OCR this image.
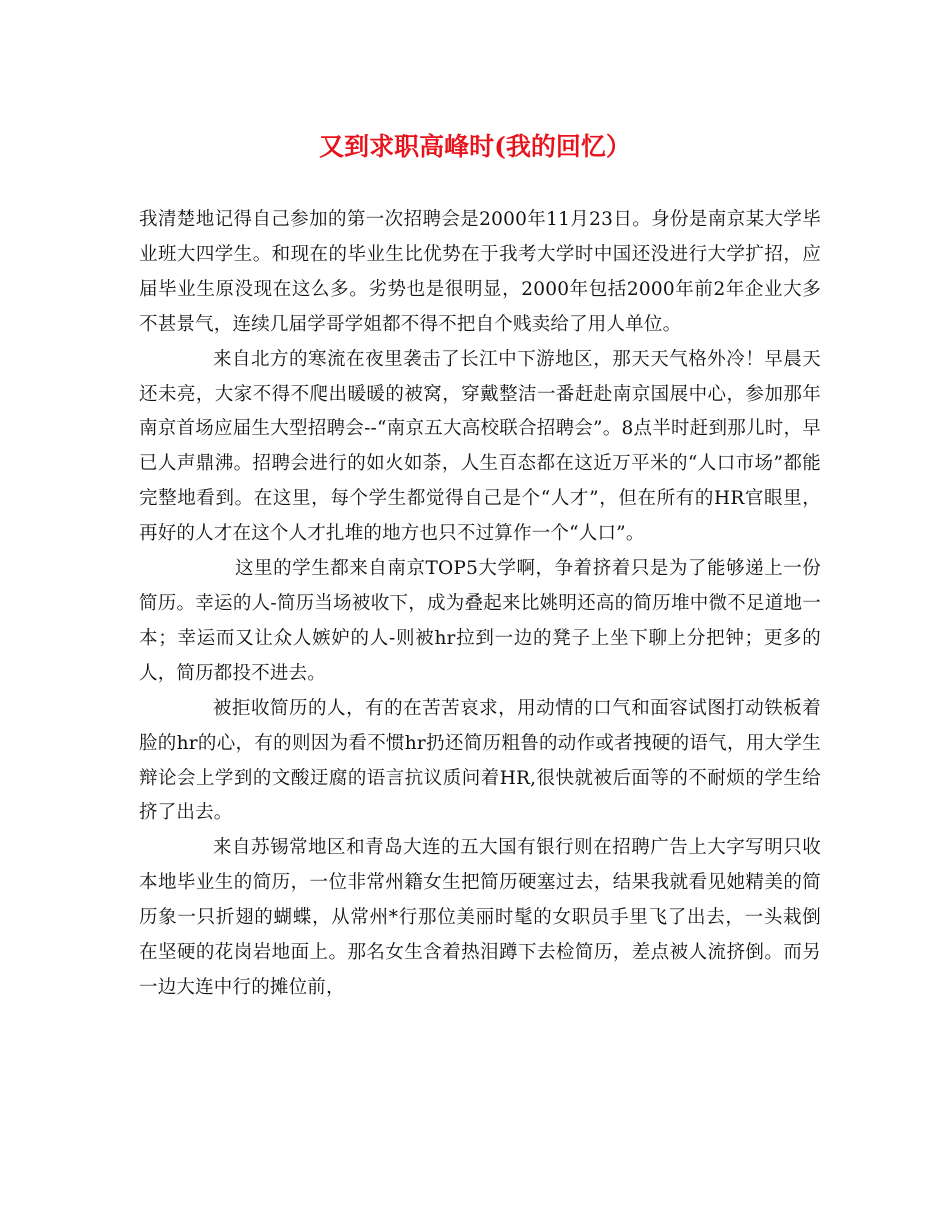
又到求职高峰时(我的回忆）

我清楚地记得自己参加的第一次招聘会是2000年11月23日。身份是南京某大学毕业班大四学生。和现在的毕业生比优势在于我考大学时中国还没进行大学扩招，应届毕业生原没现在这么多。劣势也是很明显，2000年包括2000年前2年企业大多不甚景气，连续几届学哥学姐都不得不把自个贱卖给了用人单位。

来自北方的寒流在夜里袭击了长江中下游地区，那天天气格外冷！早晨天还未亮，大家不得不爬出暖暖的被窝，穿戴整洁一番赶赴南京国展中心，参加那年南京首场应届生大型招聘会--“南京五大高校联合招聘会”。8点半时赶到那儿时，早已人声鼎沸。招聘会进行的如火如荼，人生百态都在这近万平米的“人口市场”都能完整地看到。在这里，每个学生都觉得自己是个“人才”，但在所有的HR官眼里，再好的人才在这个人才扎堆的地方也只不过算作一个“人口”。

这里的学生都来自南京TOP5大学啊，争着挤着只是为了能够递上一份简历。幸运的人-简历当场被收下，成为叠起来比姚明还高的简历堆中微不足道地一本；幸运而又让众人嫉妒的人-则被hr拉到一边的凳子上坐下聊上分把钟；更多的人，简历都投不进去。

被拒收简历的人，有的在苦苦哀求，用动情的口气和面容试图打动铁板着脸的hr的心，有的则因为看不惯hr扔还简历粗鲁的动作或者拽硬的语气，用大学生辩论会上学到的文酸迂腐的语言抗议质问着HR,很快就被后面等的不耐烦的学生给挤了出去。

来自苏锡常地区和青岛大连的五大国有银行则在招聘广告上大字写明只收本地毕业生的简历，一位非常州籍女生把简历硬塞过去，结果我就看见她精美的简历象一只折翅的蝴蝶，从常州*行那位美丽时髦的女职员手里飞了出去，一头栽倒在坚硬的花岗岩地面上。那名女生含着热泪蹲下去检简历，差点被人流挤倒。而另一边大连中行的摊位前，
